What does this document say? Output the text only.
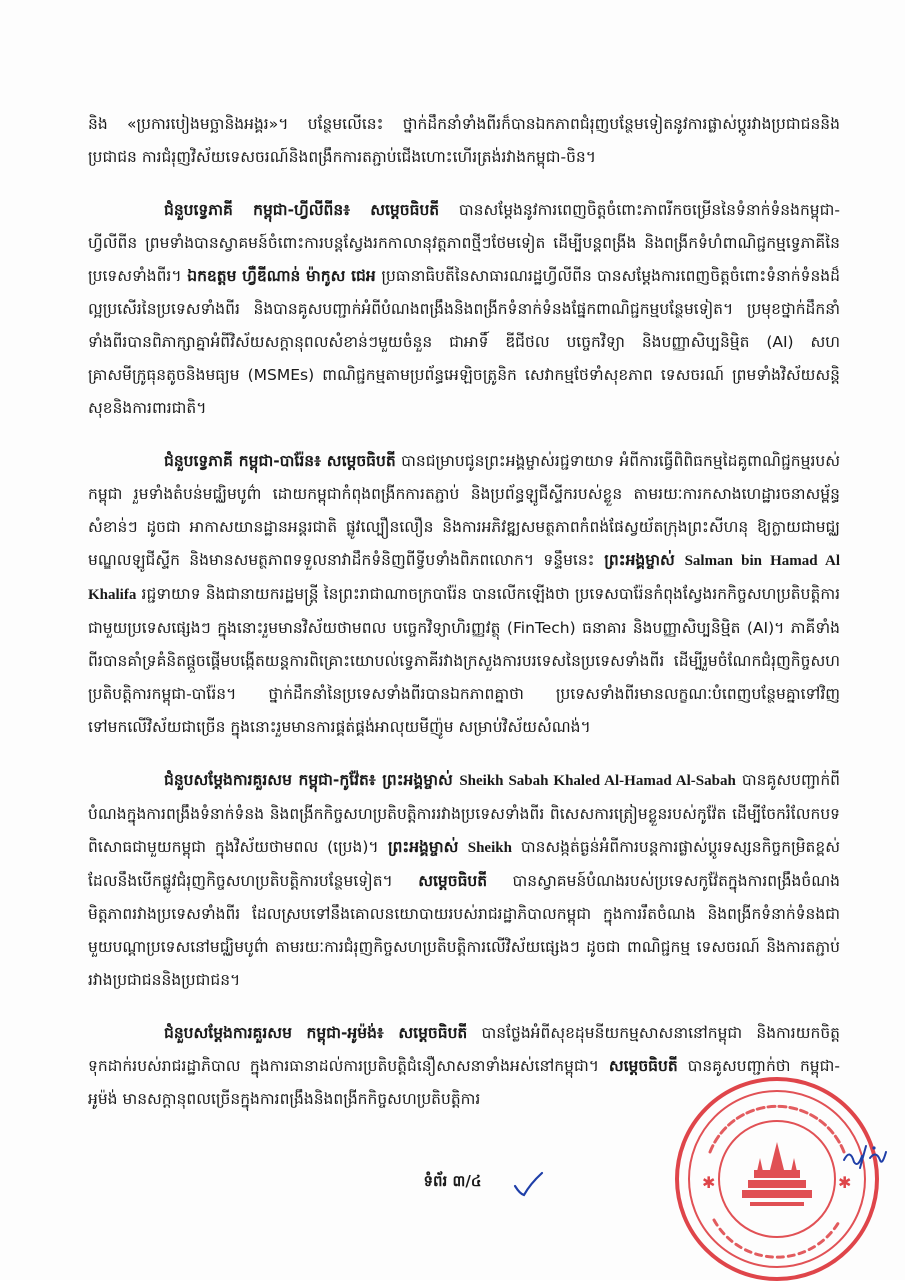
និង «ប្រការបៀងមច្ឆានិងអង្គរ»។ បន្ថែមលើនេះ ថ្នាក់ដឹកនាំទាំងពីរក៏បានឯកភាពជំរុញបន្ថែមទៀតនូវការផ្លាស់ប្តូរវាងប្រជាជននិងប្រជាជន ការជំរុញវិស័យទេសចរណ៍និងពង្រឹកការតភ្ជាប់ជើងហោះហើរត្រង់រវាងកម្ពុជា-ចិន។

ជំនួបទ្វេភាគី កម្ពុជា-ហ្វីលីពីន៖ សម្តេចធិបតី បានសម្តែងនូវការពេញចិត្តចំពោះភាពរីកចម្រើននៃទំនាក់ទំនងកម្ពុជា-ហ្វីលីពីន ព្រមទាំងបានស្វាគមន៍ចំពោះការបន្តស្វែងរកកាលានុវត្តភាពថ្មីៗថែមទៀត ដើម្បីបន្តពង្រីង និងពង្រីកទំហំពាណិជ្ជកម្មទ្វេភាគីនៃប្រទេសទាំងពីរ។ ឯកឧត្តម ហ្វឺឌីណាន់ ម៉ាកូស ជេអ ប្រធានាធិបតីនៃសាធារណរដ្ឋហ្វីលីពីន បានសម្តែងការពេញចិត្តចំពោះទំនាក់ទំនងដ៏ល្អប្រសើរនៃប្រទេសទាំងពីរ និងបានគូសបញ្ជាក់អំពីបំណងពង្រឹងនិងពង្រីកទំនាក់ទំនងផ្នែកពាណិជ្ជកម្មបន្ថែមទៀត។ ប្រមុខថ្នាក់ដឹកនាំទាំងពីរបានពិភាក្សាគ្នាអំពីវិស័យសក្តានុពលសំខាន់ៗមួយចំនួន ជាអាទិ៍ ឌីជីថល បច្ចេកវិទ្យា និងបញ្ញាសិប្បនិម្មិត (AI) សហគ្រាសមីក្រូធុនតូចនិងមធ្យម (MSMEs) ពាណិជ្ជកម្មតាមប្រព័ន្ធអេឡិចត្រូនិក សេវាកម្មថែទាំសុខភាព ទេសចរណ៍ ព្រមទាំងវិស័យសន្តិសុខនិងការពារជាតិ។

ជំនួបទ្វេភាគី កម្ពុជា-បារ៉ែន៖ សម្តេចធិបតី បានជម្រាបជូនព្រះអង្គម្ចាស់រជ្ជទាយាទ អំពីការធ្វើពិពិធកម្មដៃគូពាណិជ្ជកម្មរបស់កម្ពុជា រួមទាំងតំបន់មជ្ឈិមបូព៌ា ដោយកម្ពុជាកំពុងពង្រីកការតភ្ជាប់ និងប្រព័ន្ធឡូជីស្ទីករបស់ខ្លួន តាមរយៈការកសាងហេដ្ឋារចនាសម្ព័ន្ធសំខាន់ៗ ដូចជា អាកាសយានដ្ឋានអន្តរជាតិ ផ្លូវល្បឿនលឿន និងការអភិវឌ្ឍសមត្ថភាពកំពង់ផែស្វយ័តក្រុងព្រះសីហនុ ឱ្យក្លាយជាមជ្ឈមណ្ឌលឡូជីស្ទីក និងមានសមត្ថភាពទទួលនាវាដឹកទំនិញពីទ្វីបទាំងពិភពលោក។ ទន្ទឹមនេះ ព្រះអង្គម្ចាស់ Salman bin Hamad Al Khalifa រជ្ជទាយាទ និងជានាយករដ្ឋមន្ត្រី នៃព្រះរាជាណាចក្របារ៉ែន បានលើកឡើងថា ប្រទេសបារ៉ែនកំពុងស្វែងរកកិច្ចសហប្រតិបត្តិការជាមួយប្រទេសផ្សេងៗ ក្នុងនោះរួមមានវិស័យថាមពល បច្ចេកវិទ្យាហិរញ្ញវត្ថុ (FinTech) ធនាគារ និងបញ្ញាសិប្បនិម្មិត (AI)។ ភាគីទាំងពីរបានគាំទ្រគំនិតផ្តួចផ្តើមបង្កើតយន្តការពិគ្រោះយោបល់ទ្វេភាគីរវាងក្រសួងការបរទេសនៃប្រទេសទាំងពីរ ដើម្បីរួមចំណែកជំរុញកិច្ចសហប្រតិបត្តិការកម្ពុជា-បារ៉ែន។ ថ្នាក់ដឹកនាំនៃប្រទេសទាំងពីរបានឯកភាពគ្នាថា ប្រទេសទាំងពីរមានលក្ខណៈបំពេញបន្ថែមគ្នាទៅវិញទៅមកលើវិស័យជាច្រើន ក្នុងនោះរួមមានការផ្គត់ផ្គង់អាលុយមីញ៉ូម សម្រាប់វិស័យសំណង់។

ជំនួបសម្តែងការគួរសម កម្ពុជា-កូវ៉ែត៖ ព្រះអង្គម្ចាស់ Sheikh Sabah Khaled Al-Hamad Al-Sabah បានគូសបញ្ជាក់ពីបំណងក្នុងការពង្រឹងទំនាក់ទំនង និងពង្រីកកិច្ចសហប្រតិបត្តិការរវាងប្រទេសទាំងពីរ ពិសេសការត្រៀមខ្លួនរបស់កូវ៉ែត ដើម្បីចែករំលែកបទពិសោធជាមួយកម្ពុជា ក្នុងវិស័យថាមពល (ប្រេង)។ ព្រះអង្គម្ចាស់ Sheikh បានសង្កត់ធ្ងន់អំពីការបន្តការផ្លាស់ប្តូរទស្សនកិច្ចកម្រិតខ្ពស់ ដែលនឹងបើកផ្លូវជំរុញកិច្ចសហប្រតិបត្តិការបន្ថែមទៀត។ សម្តេចធិបតី បានស្វាគមន៍បំណងរបស់ប្រទេសកូវ៉ែតក្នុងការពង្រឹងចំណងមិត្តភាពរវាងប្រទេសទាំងពីរ ដែលស្របទៅនឹងគោលនយោបាយរបស់រាជរដ្ឋាភិបាលកម្ពុជា ក្នុងការរឹតចំណង និងពង្រីកទំនាក់ទំនងជាមួយបណ្តាប្រទេសនៅមជ្ឈិមបូព៌ា តាមរយៈការជំរុញកិច្ចសហប្រតិបត្តិការលើវិស័យផ្សេងៗ ដូចជា ពាណិជ្ជកម្ម ទេសចរណ៍ និងការតភ្ជាប់រវាងប្រជាជននិងប្រជាជន។

ជំនួបសម្តែងការគួរសម កម្ពុជា-អូម៉ង់៖ សម្តេចធិបតី បានថ្លែងអំពីសុខដុមនីយកម្មសាសនានៅកម្ពុជា និងការយកចិត្តទុកដាក់របស់រាជរដ្ឋាភិបាល ក្នុងការធានាដល់ការប្រតិបត្តិជំនឿសាសនាទាំងអស់នៅកម្ពុជា។ សម្តេចធិបតី បានគូសបញ្ជាក់ថា កម្ពុជា-អូម៉ង់ មានសក្តានុពលច្រើនក្នុងការពង្រឹងនិងពង្រីកកិច្ចសហប្រតិបត្តិការ

ទំព័រ ៣/៤	✱	✱
